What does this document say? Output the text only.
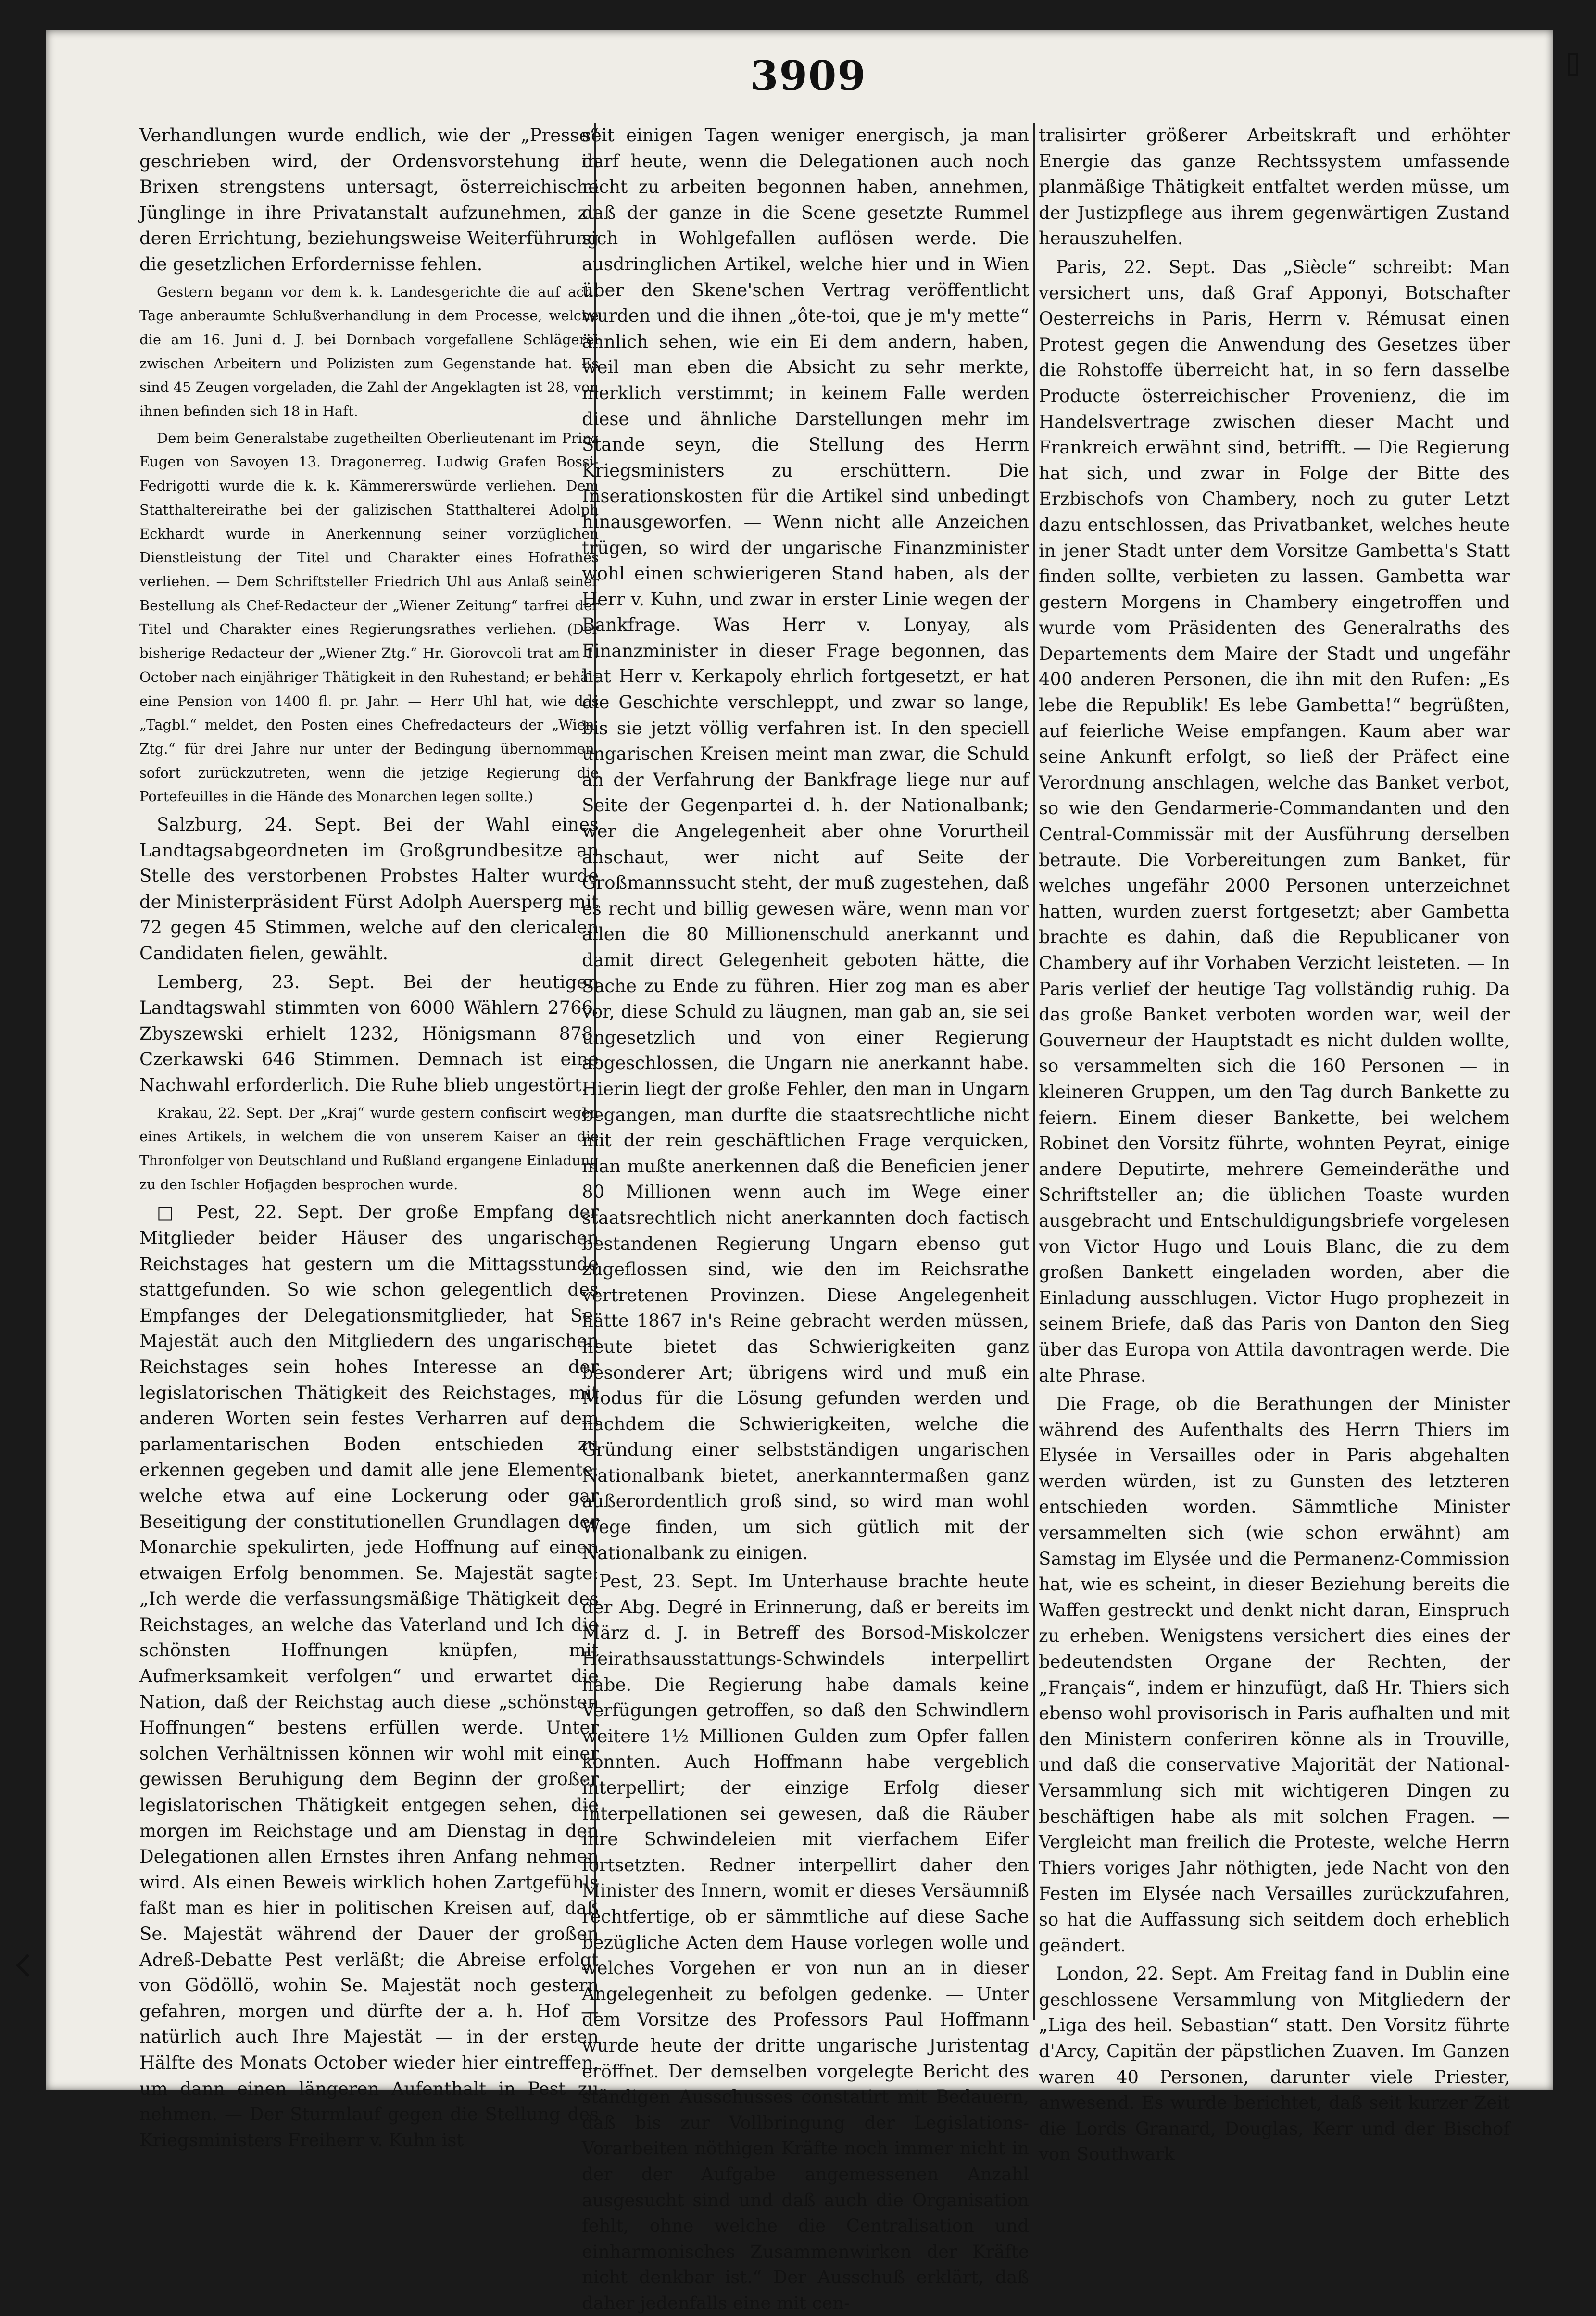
3909

Verhandlungen wurde endlich, wie der „Presse“ geschrieben wird, der Ordensvorstehung in Brixen strengstens untersagt, österreichische Jünglinge in ihre Privatanstalt aufzunehmen, zu deren Errichtung, beziehungsweise Weiterführung die gesetzlichen Erfordernisse fehlen.

Gestern begann vor dem k. k. Landesgerichte die auf acht Tage anberaumte Schlußverhandlung in dem Processe, welche die am 16. Juni d. J. bei Dornbach vorgefallene Schlägerei zwischen Arbeitern und Polizisten zum Gegenstande hat. Es sind 45 Zeugen vorgeladen, die Zahl der Angeklagten ist 28, von ihnen befinden sich 18 in Haft.

Dem beim Generalstabe zugetheilten Oberlieutenant im Prinz Eugen von Savoyen 13. Dragonerreg. Ludwig Grafen Bossi-Fedrigotti wurde die k. k. Kämmererswürde verliehen. Dem Statthaltereirathe bei der galizischen Statthalterei Adolph Eckhardt wurde in Anerkennung seiner vorzüglichen Dienstleistung der Titel und Charakter eines Hofrathes verliehen. — Dem Schriftsteller Friedrich Uhl aus Anlaß seiner Bestellung als Chef-Redacteur der „Wiener Zeitung“ tarfrei der Titel und Charakter eines Regierungsrathes verliehen. (Der bisherige Redacteur der „Wiener Ztg.“ Hr. Giorovcoli trat am 1. October nach einjähriger Thätigkeit in den Ruhestand; er behält eine Pension von 1400 fl. pr. Jahr. — Herr Uhl hat, wie das „Tagbl.“ meldet, den Posten eines Chefredacteurs der „Wien. Ztg.“ für drei Jahre nur unter der Bedingung übernommen, sofort zurückzutreten, wenn die jetzige Regierung die Portefeuilles in die Hände des Monarchen legen sollte.)

Salzburg, 24. Sept. Bei der Wahl eines Landtagsabgeordneten im Großgrundbesitze an Stelle des verstorbenen Probstes Halter wurde der Ministerpräsident Fürst Adolph Auersperg mit 72 gegen 45 Stimmen, welche auf den clericalen Candidaten fielen, gewählt.

Lemberg, 23. Sept. Bei der heutigen Landtagswahl stimmten von 6000 Wählern 2766. Zbyszewski erhielt 1232, Hönigsmann 878, Czerkawski 646 Stimmen. Demnach ist eine Nachwahl erforderlich. Die Ruhe blieb ungestört.

Krakau, 22. Sept. Der „Kraj“ wurde gestern confiscirt wegen eines Artikels, in welchem die von unserem Kaiser an die Thronfolger von Deutschland und Rußland ergangene Einladung zu den Ischler Hofjagden besprochen wurde.

□ Pest, 22. Sept. Der große Empfang der Mitglieder beider Häuser des ungarischen Reichstages hat gestern um die Mittagsstunde stattgefunden. So wie schon gelegentlich des Empfanges der Delegationsmitglieder, hat Se. Majestät auch den Mitgliedern des ungarischen Reichstages sein hohes Interesse an der legislatorischen Thätigkeit des Reichstages, mit anderen Worten sein festes Verharren auf dem parlamentarischen Boden entschieden zu erkennen gegeben und damit alle jene Elemente, welche etwa auf eine Lockerung oder gar Beseitigung der constitutionellen Grundlagen der Monarchie spekulirten, jede Hoffnung auf einen etwaigen Erfolg benommen. Se. Majestät sagte: „Ich werde die verfassungsmäßige Thätigkeit des Reichstages, an welche das Vaterland und Ich die schönsten Hoffnungen knüpfen, mit Aufmerksamkeit verfolgen“ und erwartet die Nation, daß der Reichstag auch diese „schönsten Hoffnungen“ bestens erfüllen werde. Unter solchen Verhältnissen können wir wohl mit einer gewissen Beruhigung dem Beginn der großer legislatorischen Thätigkeit entgegen sehen, die morgen im Reichstage und am Dienstag in den Delegationen allen Ernstes ihren Anfang nehmen wird. Als einen Beweis wirklich hohen Zartgefühls faßt man es hier in politischen Kreisen auf, daß Se. Majestät während der Dauer der großen Adreß-Debatte Pest verläßt; die Abreise erfolgt von Gödöllö, wohin Se. Majestät noch gestern gefahren, morgen und dürfte der a. h. Hof — natürlich auch Ihre Majestät — in der ersten Hälfte des Monats October wieder hier eintreffen, um dann einen längeren Aufenthalt in Pest zu nehmen. — Der Sturmlauf gegen die Stellung des Kriegsministers Freiherr v. Kuhn ist

seit einigen Tagen weniger energisch, ja man darf heute, wenn die Delegationen auch noch nicht zu arbeiten begonnen haben, annehmen, daß der ganze in die Scene gesetzte Rummel sich in Wohlgefallen auflösen werde. Die ausdringlichen Artikel, welche hier und in Wien über den Skene'schen Vertrag veröffentlicht wurden und die ihnen „ôte-toi, que je m'y mette“ ähnlich sehen, wie ein Ei dem andern, haben, weil man eben die Absicht zu sehr merkte, merklich verstimmt; in keinem Falle werden diese und ähnliche Darstellungen mehr im Stande seyn, die Stellung des Herrn Kriegsministers zu erschüttern. Die Inserationskosten für die Artikel sind unbedingt hinausgeworfen. — Wenn nicht alle Anzeichen trügen, so wird der ungarische Finanzminister wohl einen schwierigeren Stand haben, als der Herr v. Kuhn, und zwar in erster Linie wegen der Bankfrage. Was Herr v. Lonyay, als Finanzminister in dieser Frage begonnen, das hat Herr v. Kerkapoly ehrlich fortgesetzt, er hat die Geschichte verschleppt, und zwar so lange, bis sie jetzt völlig verfahren ist. In den speciell ungarischen Kreisen meint man zwar, die Schuld an der Verfahrung der Bankfrage liege nur auf Seite der Gegenpartei d. h. der Nationalbank; wer die Angelegenheit aber ohne Vorurtheil anschaut, wer nicht auf Seite der Großmannssucht steht, der muß zugestehen, daß es recht und billig gewesen wäre, wenn man vor allen die 80 Millionenschuld anerkannt und damit direct Gelegenheit geboten hätte, die Sache zu Ende zu führen. Hier zog man es aber vor, diese Schuld zu läugnen, man gab an, sie sei ungesetzlich und von einer Regierung abgeschlossen, die Ungarn nie anerkannt habe. Hierin liegt der große Fehler, den man in Ungarn begangen, man durfte die staatsrechtliche nicht mit der rein geschäftlichen Frage verquicken, man mußte anerkennen daß die Beneficien jener 80 Millionen wenn auch im Wege einer staatsrechtlich nicht anerkannten doch factisch bestandenen Regierung Ungarn ebenso gut zugeflossen sind, wie den im Reichsrathe vertretenen Provinzen. Diese Angelegenheit hätte 1867 in's Reine gebracht werden müssen, heute bietet das Schwierigkeiten ganz besonderer Art; übrigens wird und muß ein Modus für die Lösung gefunden werden und nachdem die Schwierigkeiten, welche die Gründung einer selbstständigen ungarischen Nationalbank bietet, anerkanntermaßen ganz außerordentlich groß sind, so wird man wohl Wege finden, um sich gütlich mit der Nationalbank zu einigen.

Pest, 23. Sept. Im Unterhause brachte heute der Abg. Degré in Erinnerung, daß er bereits im März d. J. in Betreff des Borsod-Miskolczer Heirathsausstattungs-Schwindels interpellirt habe. Die Regierung habe damals keine Verfügungen getroffen, so daß den Schwindlern weitere 1½ Millionen Gulden zum Opfer fallen konnten. Auch Hoffmann habe vergeblich interpellirt; der einzige Erfolg dieser Interpellationen sei gewesen, daß die Räuber ihre Schwindeleien mit vierfachem Eifer fortsetzten. Redner interpellirt daher den Minister des Innern, womit er dieses Versäumniß rechtfertige, ob er sämmtliche auf diese Sache bezügliche Acten dem Hause vorlegen wolle und welches Vorgehen er von nun an in dieser Angelegenheit zu befolgen gedenke. — Unter dem Vorsitze des Professors Paul Hoffmann wurde heute der dritte ungarische Juristentag eröffnet. Der demselben vorgelegte Bericht des ständigen Ausschusses constatirt mit Bedauern, daß bis zur Vollbringung der Legislations-Vorarbeiten nöthigen Kräfte noch immer nicht in der der Aufgabe angemessenen Anzahl ausgesucht sind und daß auch die Organisation fehlt, ohne welche die Centralisation und einharmonisches Zusammenwirken der Kräfte nicht denkbar ist.“ Der Ausschuß erklärt, daß daher jedenfalls eine mit cen-

tralisirter größerer Arbeitskraft und erhöhter Energie das ganze Rechtssystem umfassende planmäßige Thätigkeit entfaltet werden müsse, um der Justizpflege aus ihrem gegenwärtigen Zustand herauszuhelfen.

Paris, 22. Sept. Das „Siècle“ schreibt: Man versichert uns, daß Graf Apponyi, Botschafter Oesterreichs in Paris, Herrn v. Rémusat einen Protest gegen die Anwendung des Gesetzes über die Rohstoffe überreicht hat, in so fern dasselbe Producte österreichischer Provenienz, die im Handelsvertrage zwischen dieser Macht und Frankreich erwähnt sind, betrifft. — Die Regierung hat sich, und zwar in Folge der Bitte des Erzbischofs von Chambery, noch zu guter Letzt dazu entschlossen, das Privatbanket, welches heute in jener Stadt unter dem Vorsitze Gambetta's Statt finden sollte, verbieten zu lassen. Gambetta war gestern Morgens in Chambery eingetroffen und wurde vom Präsidenten des Generalraths des Departements dem Maire der Stadt und ungefähr 400 anderen Personen, die ihn mit den Rufen: „Es lebe die Republik! Es lebe Gambetta!“ begrüßten, auf feierliche Weise empfangen. Kaum aber war seine Ankunft erfolgt, so ließ der Präfect eine Verordnung anschlagen, welche das Banket verbot, so wie den Gendarmerie-Commandanten und den Central-Commissär mit der Ausführung derselben betraute. Die Vorbereitungen zum Banket, für welches ungefähr 2000 Personen unterzeichnet hatten, wurden zuerst fortgesetzt; aber Gambetta brachte es dahin, daß die Republicaner von Chambery auf ihr Vorhaben Verzicht leisteten. — In Paris verlief der heutige Tag vollständig ruhig. Da das große Banket verboten worden war, weil der Gouverneur der Hauptstadt es nicht dulden wollte, so versammelten sich die 160 Personen — in kleineren Gruppen, um den Tag durch Bankette zu feiern. Einem dieser Bankette, bei welchem Robinet den Vorsitz führte, wohnten Peyrat, einige andere Deputirte, mehrere Gemeinderäthe und Schriftsteller an; die üblichen Toaste wurden ausgebracht und Entschuldigungsbriefe vorgelesen von Victor Hugo und Louis Blanc, die zu dem großen Bankett eingeladen worden, aber die Einladung ausschlugen. Victor Hugo prophezeit in seinem Briefe, daß das Paris von Danton den Sieg über das Europa von Attila davontragen werde. Die alte Phrase.

Die Frage, ob die Berathungen der Minister während des Aufenthalts des Herrn Thiers im Elysée in Versailles oder in Paris abgehalten werden würden, ist zu Gunsten des letzteren entschieden worden. Sämmtliche Minister versammelten sich (wie schon erwähnt) am Samstag im Elysée und die Permanenz-Commission hat, wie es scheint, in dieser Beziehung bereits die Waffen gestreckt und denkt nicht daran, Einspruch zu erheben. Wenigstens versichert dies eines der bedeutendsten Organe der Rechten, der „Français“, indem er hinzufügt, daß Hr. Thiers sich ebenso wohl provisorisch in Paris aufhalten und mit den Ministern conferiren könne als in Trouville, und daß die conservative Majorität der National-Versammlung sich mit wichtigeren Dingen zu beschäftigen habe als mit solchen Fragen. — Vergleicht man freilich die Proteste, welche Herrn Thiers voriges Jahr nöthigten, jede Nacht von den Festen im Elysée nach Versailles zurückzufahren, so hat die Auffassung sich seitdem doch erheblich geändert.

London, 22. Sept. Am Freitag fand in Dublin eine geschlossene Versammlung von Mitgliedern der „Liga des heil. Sebastian“ statt. Den Vorsitz führte d'Arcy, Capitän der päpstlichen Zuaven. Im Ganzen waren 40 Personen, darunter viele Priester, anwesend. Es wurde berichtet, daß seit kurzer Zeit die Lords Granard, Douglas, Kerr und der Bischof von Southwark
